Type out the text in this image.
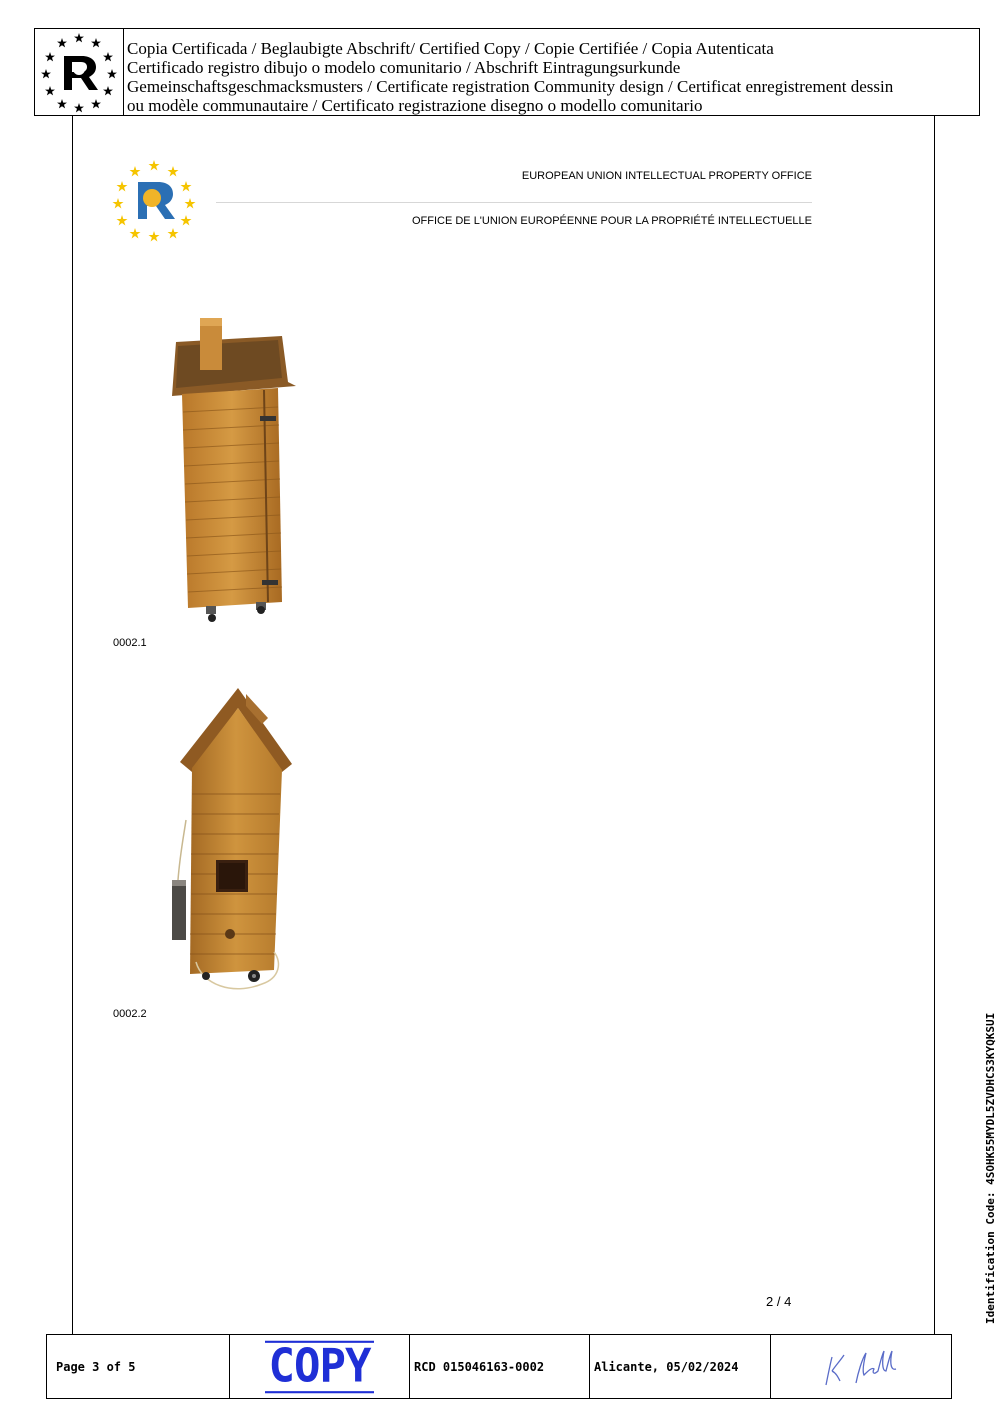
Copia Certificada / Beglaubigte Abschrift/ Certified Copy / Copie Certifiée / Copia Autenticata
Certificado registro dibujo o modelo comunitario / Abschrift Eintragungsurkunde
Gemeinschaftsgeschmacksmusters / Certificate registration Community design / Certificat enregistrement dessin
ou modèle communautaire / Certificato registrazione disegno o modello comunitario
EUROPEAN UNION INTELLECTUAL PROPERTY OFFICE
OFFICE DE L'UNION EUROPÉENNE POUR LA PROPRIÉTÉ INTELLECTUELLE
0002.1
0002.2
2 / 4	Identification Code: 4SOHK55MYDL5ZVDHCS3KYQKSUI
Page 3 of 5	COPY	RCD 015046163-0002	Alicante, 05/02/2024
